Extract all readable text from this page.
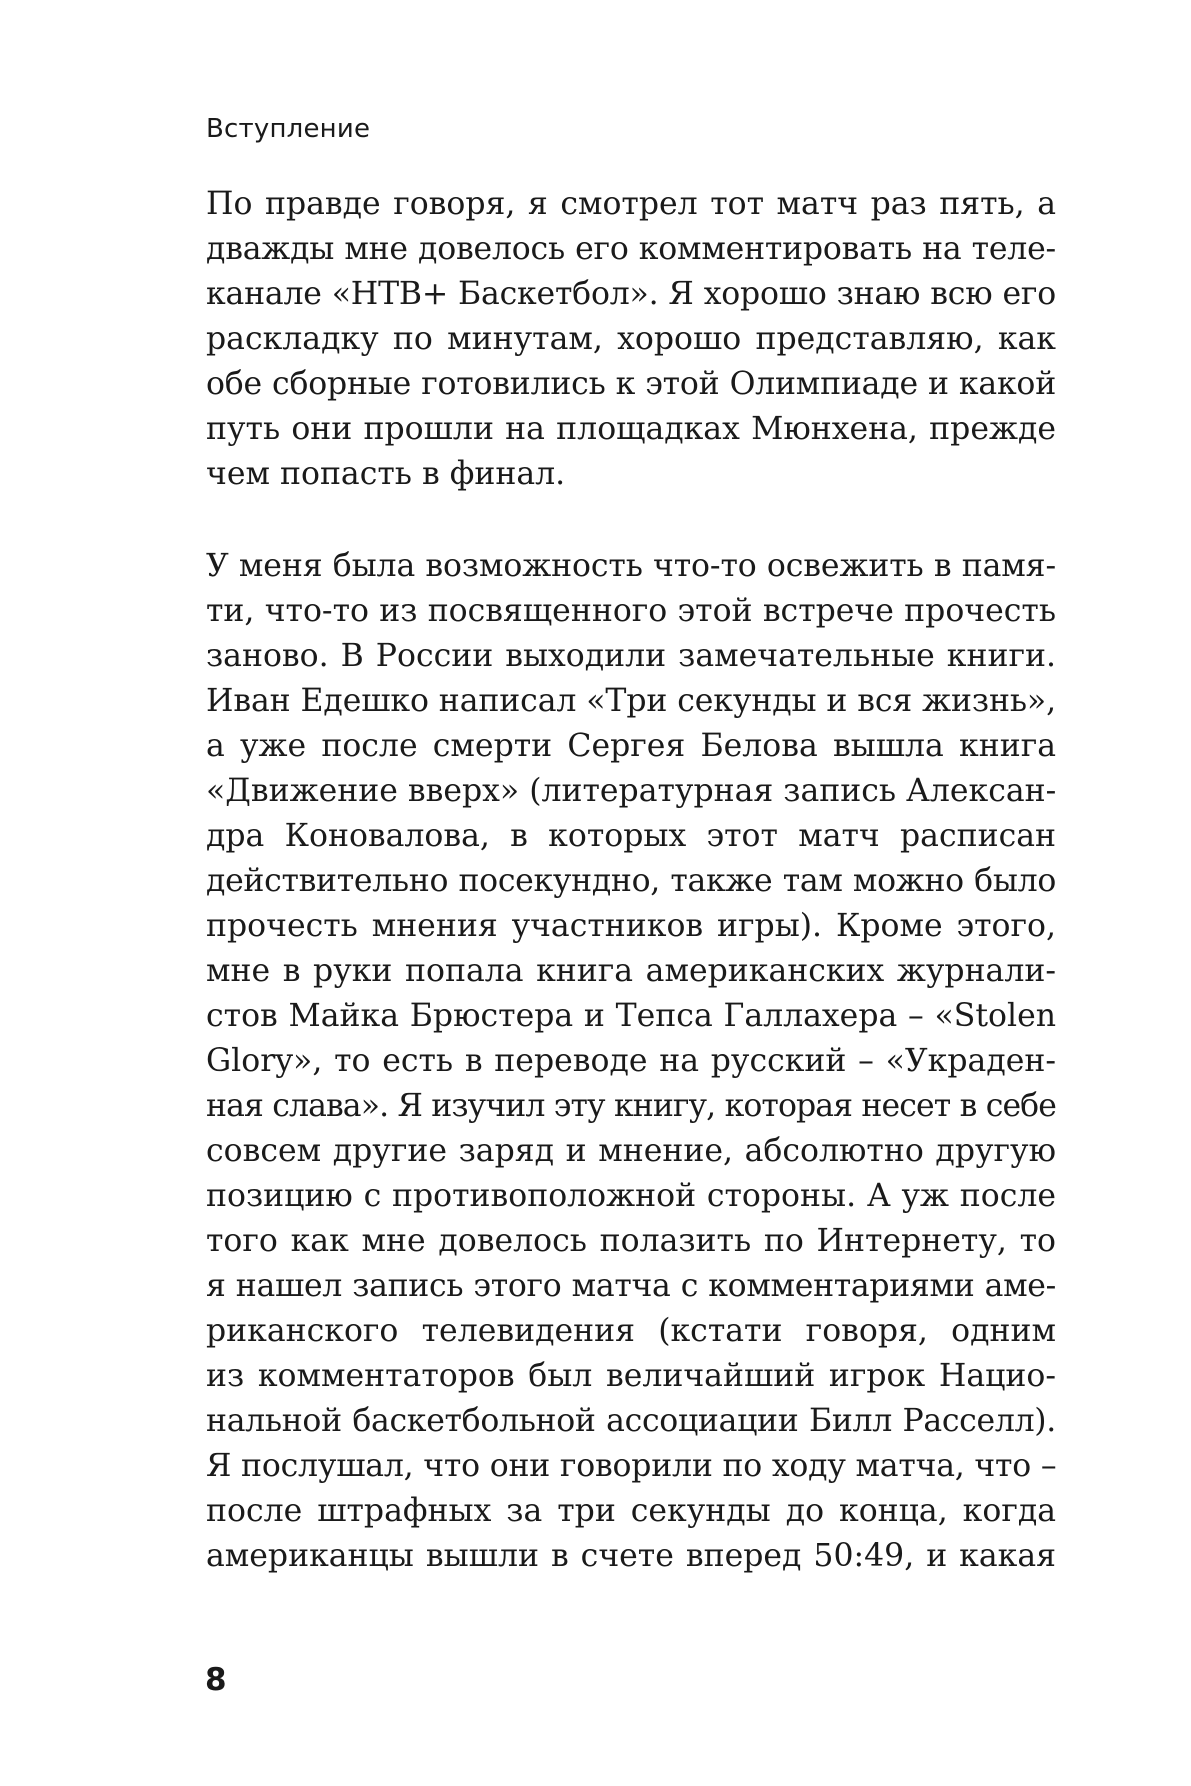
Вступление
По правде говоря, я смотрел тот матч раз пять, а
дважды мне довелось его комментировать на теле-
канале «НТВ+ Баскетбол». Я хорошо знаю всю его
раскладку по минутам, хорошо представляю, как
обе сборные готовились к этой Олимпиаде и какой
путь они прошли на площадках Мюнхена, прежде
чем попасть в финал.
У меня была возможность что-то освежить в памя-
ти, что-то из посвященного этой встрече прочесть
заново. В России выходили замечательные книги.
Иван Едешко написал «Три секунды и вся жизнь»,
а уже после смерти Сергея Белова вышла книга
«Движение вверх» (литературная запись Алексан-
дра Коновалова, в которых этот матч расписан
действительно посекундно, также там можно было
прочесть мнения участников игры). Кроме этого,
мне в руки попала книга американских журнали-
стов Майка Брюстера и Тепса Галлахера – «Stolen
Glory», то есть в переводе на русский – «Украден-
ная слава». Я изучил эту книгу, которая несет в себе
совсем другие заряд и мнение, абсолютно другую
позицию с противоположной стороны. А уж после
того как мне довелось полазить по Интернету, то
я нашел запись этого матча с комментариями аме-
риканского телевидения (кстати говоря, одним
из комментаторов был величайший игрок Нацио-
нальной баскетбольной ассоциации Билл Расселл).
Я послушал, что они говорили по ходу матча, что –
после штрафных за три секунды до конца, когда
американцы вышли в счете вперед 50:49, и какая
8
